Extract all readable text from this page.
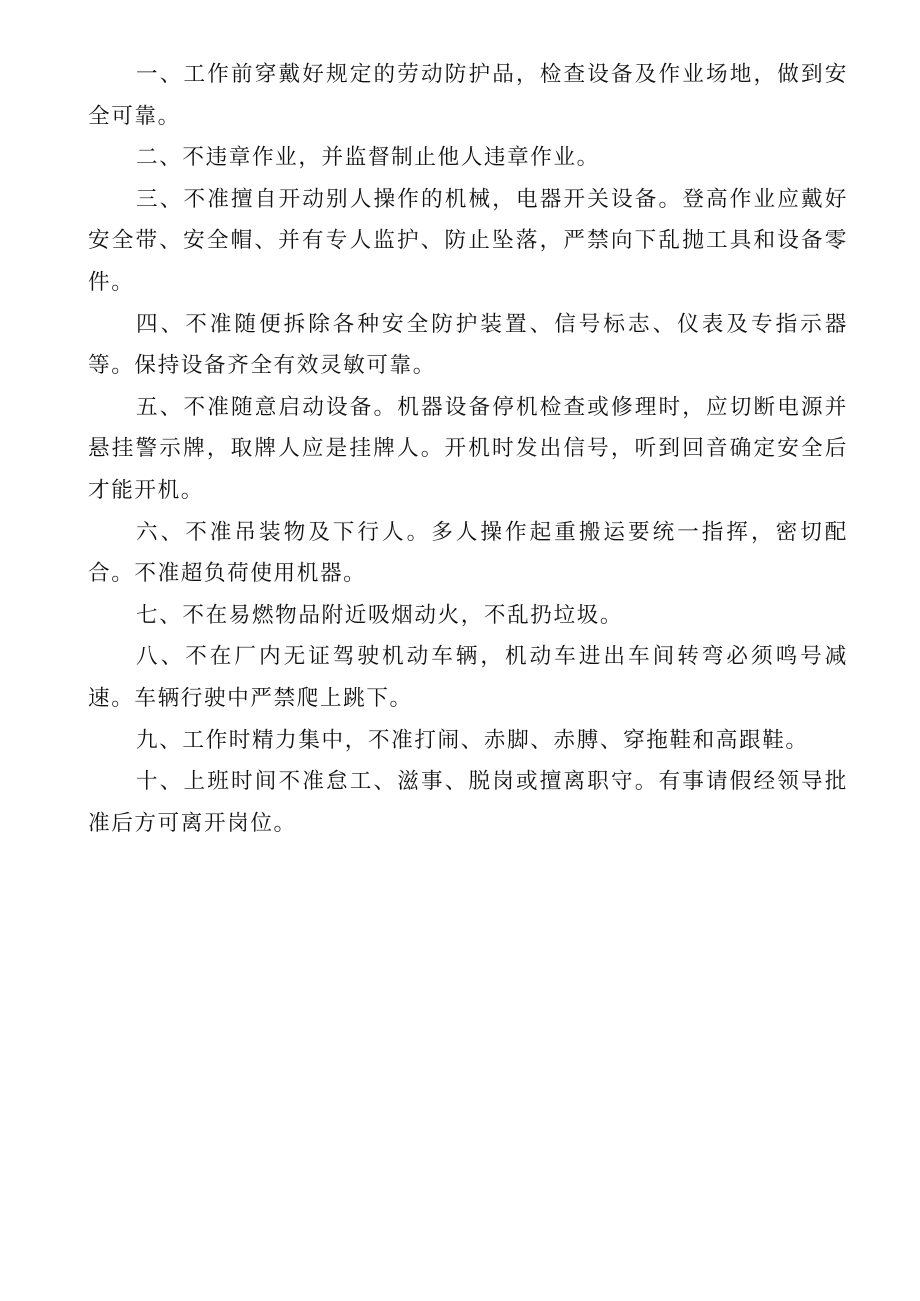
一、工作前穿戴好规定的劳动防护品，检查设备及作业场地，做到安全可靠。

二、不违章作业，并监督制止他人违章作业。

三、不准擅自开动别人操作的机械，电器开关设备。登高作业应戴好安全带、安全帽、并有专人监护、防止坠落，严禁向下乱抛工具和设备零件。

四、不准随便拆除各种安全防护装置、信号标志、仪表及专指示器等。保持设备齐全有效灵敏可靠。

五、不准随意启动设备。机器设备停机检查或修理时，应切断电源并悬挂警示牌，取牌人应是挂牌人。开机时发出信号，听到回音确定安全后才能开机。

六、不准吊装物及下行人。多人操作起重搬运要统一指挥，密切配合。不准超负荷使用机器。

七、不在易燃物品附近吸烟动火，不乱扔垃圾。

八、不在厂内无证驾驶机动车辆，机动车进出车间转弯必须鸣号减速。车辆行驶中严禁爬上跳下。

九、工作时精力集中，不准打闹、赤脚、赤膊、穿拖鞋和高跟鞋。

十、上班时间不准怠工、滋事、脱岗或擅离职守。有事请假经领导批准后方可离开岗位。
